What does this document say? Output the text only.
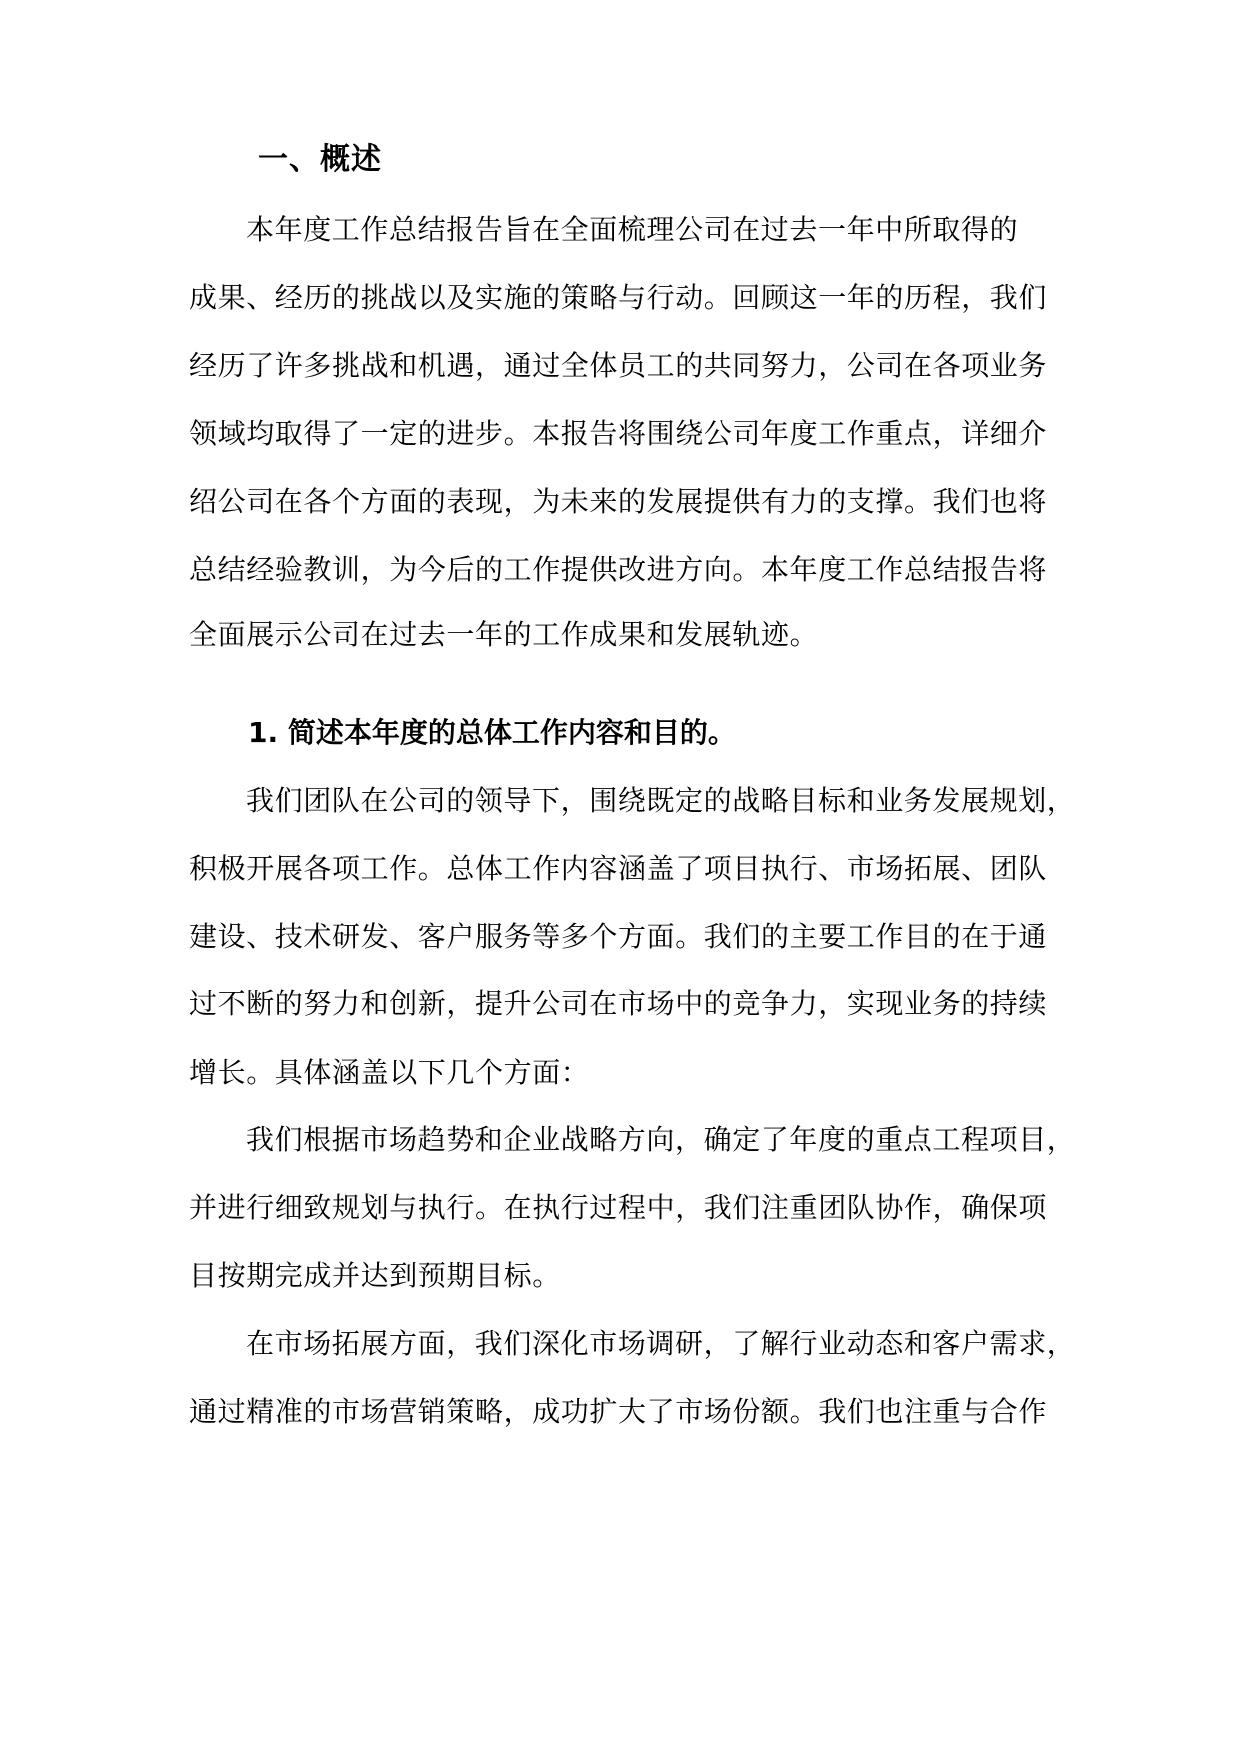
一、概述
本年度工作总结报告旨在全面梳理公司在过去一年中所取得的
成果、经历的挑战以及实施的策略与行动。回顾这一年的历程，我们
经历了许多挑战和机遇，通过全体员工的共同努力，公司在各项业务
领域均取得了一定的进步。本报告将围绕公司年度工作重点，详细介
绍公司在各个方面的表现，为未来的发展提供有力的支撑。我们也将
总结经验教训，为今后的工作提供改进方向。本年度工作总结报告将
全面展示公司在过去一年的工作成果和发展轨迹。
1. 简述本年度的总体工作内容和目的。
我们团队在公司的领导下，围绕既定的战略目标和业务发展规划，
积极开展各项工作。总体工作内容涵盖了项目执行、市场拓展、团队
建设、技术研发、客户服务等多个方面。我们的主要工作目的在于通
过不断的努力和创新，提升公司在市场中的竞争力，实现业务的持续
增长。具体涵盖以下几个方面：
我们根据市场趋势和企业战略方向，确定了年度的重点工程项目，
并进行细致规划与执行。在执行过程中，我们注重团队协作，确保项
目按期完成并达到预期目标。
在市场拓展方面，我们深化市场调研，了解行业动态和客户需求，
通过精准的市场营销策略，成功扩大了市场份额。我们也注重与合作
